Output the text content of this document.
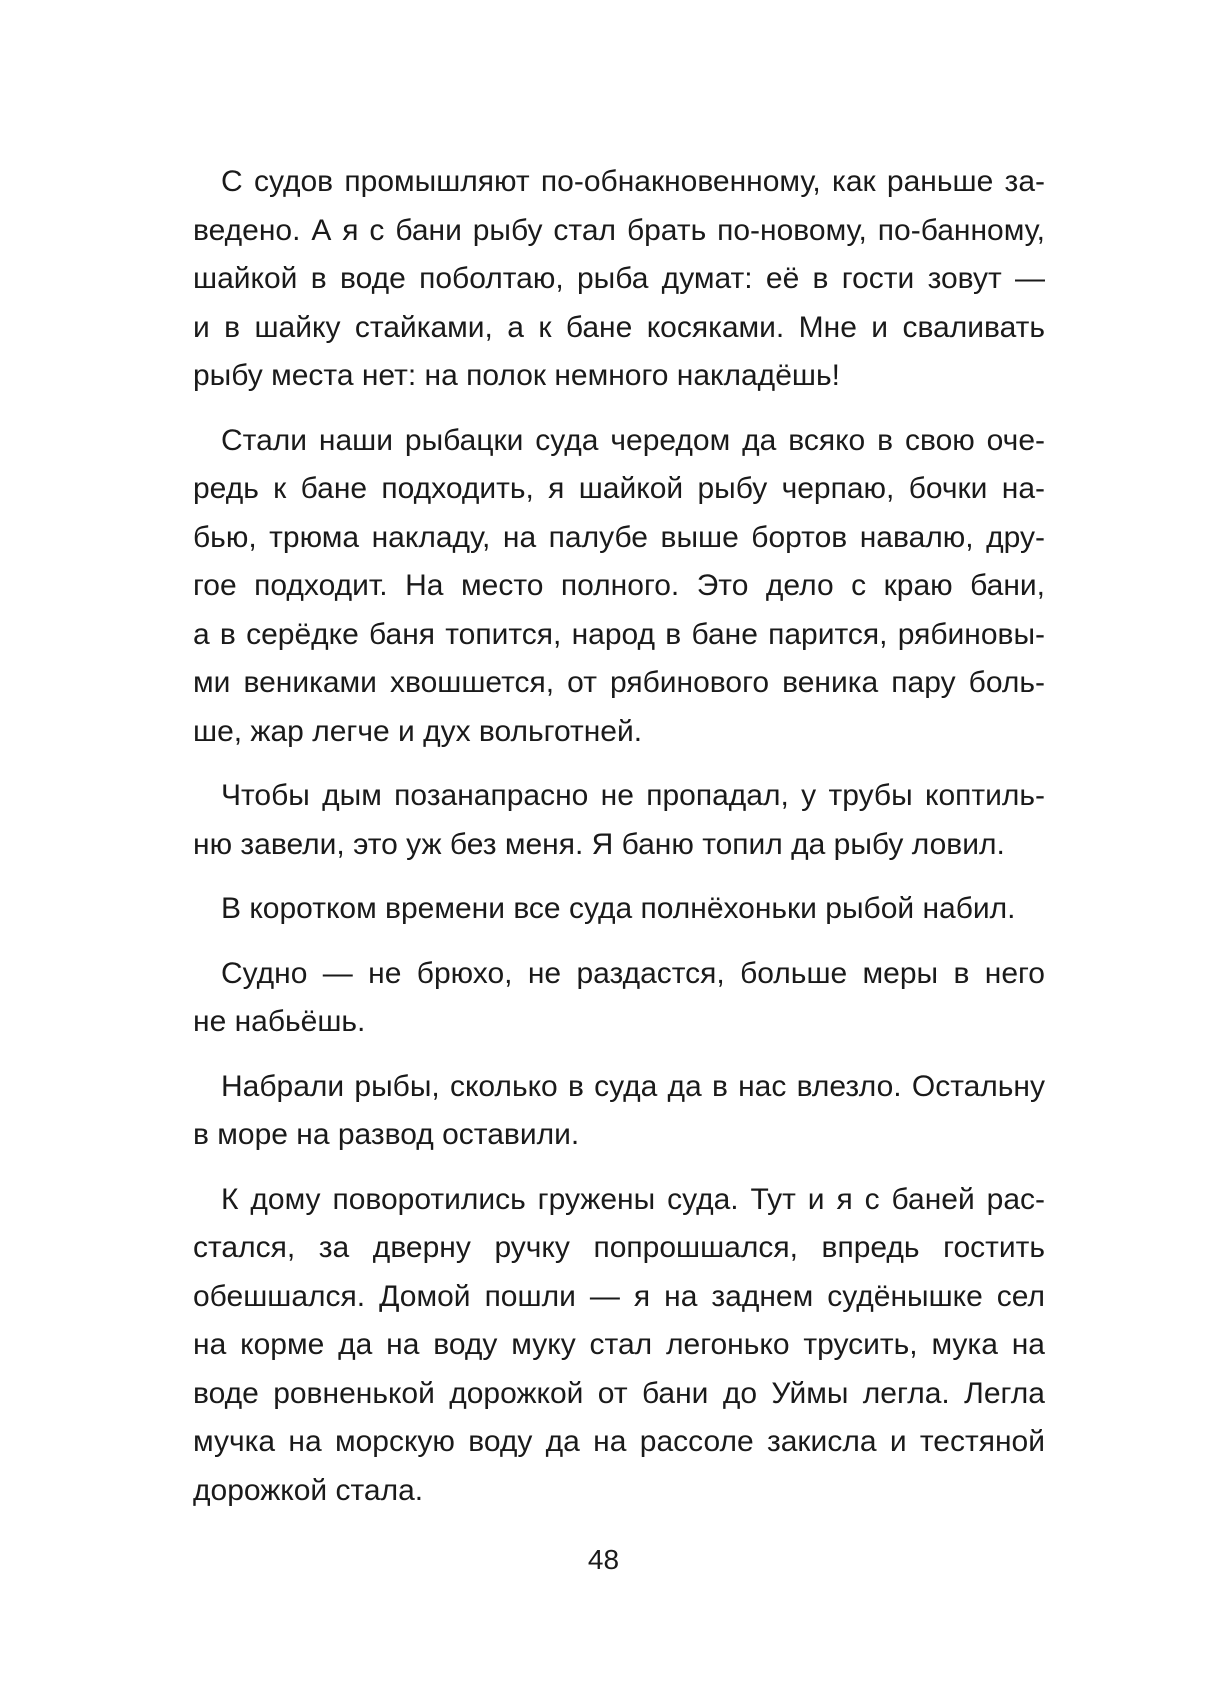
С судов промышляют по-обнакновенному, как раньше за-
ведено. А я с бани рыбу стал брать по-новому, по-банному,
шайкой в воде поболтаю, рыба думат: её в гости зовут —
и в шайку стайками, а к бане косяками. Мне и сваливать
рыбу места нет: на полок немного накладёшь!
Стали наши рыбацки суда чередом да всяко в свою оче-
редь к бане подходить, я шайкой рыбу черпаю, бочки на-
бью, трюма накладу, на палубе выше бортов навалю, дру-
гое подходит. На место полного. Это дело с краю бани,
а в серёдке баня топится, народ в бане парится, рябиновы-
ми вениками хвошшется, от рябинового веника пару боль-
ше, жар легче и дух вольготней.
Чтобы дым позанапрасно не пропадал, у трубы коптиль-
ню завели, это уж без меня. Я баню топил да рыбу ловил.
В коротком времени все суда полнёхоньки рыбой набил.
Судно — не брюхо, не раздастся, больше меры в него
не набьёшь.
Набрали рыбы, сколько в суда да в нас влезло. Остальну
в море на развод оставили.
К дому поворотились гружены суда. Тут и я с баней рас-
стался, за дверну ручку попрошшался, впредь гостить
обешшался. Домой пошли — я на заднем судёнышке сел
на корме да на воду муку стал легонько трусить, мука на
воде ровненькой дорожкой от бани до Уймы легла. Легла
мучка на морскую воду да на рассоле закисла и тестяной
дорожкой стала.
48
